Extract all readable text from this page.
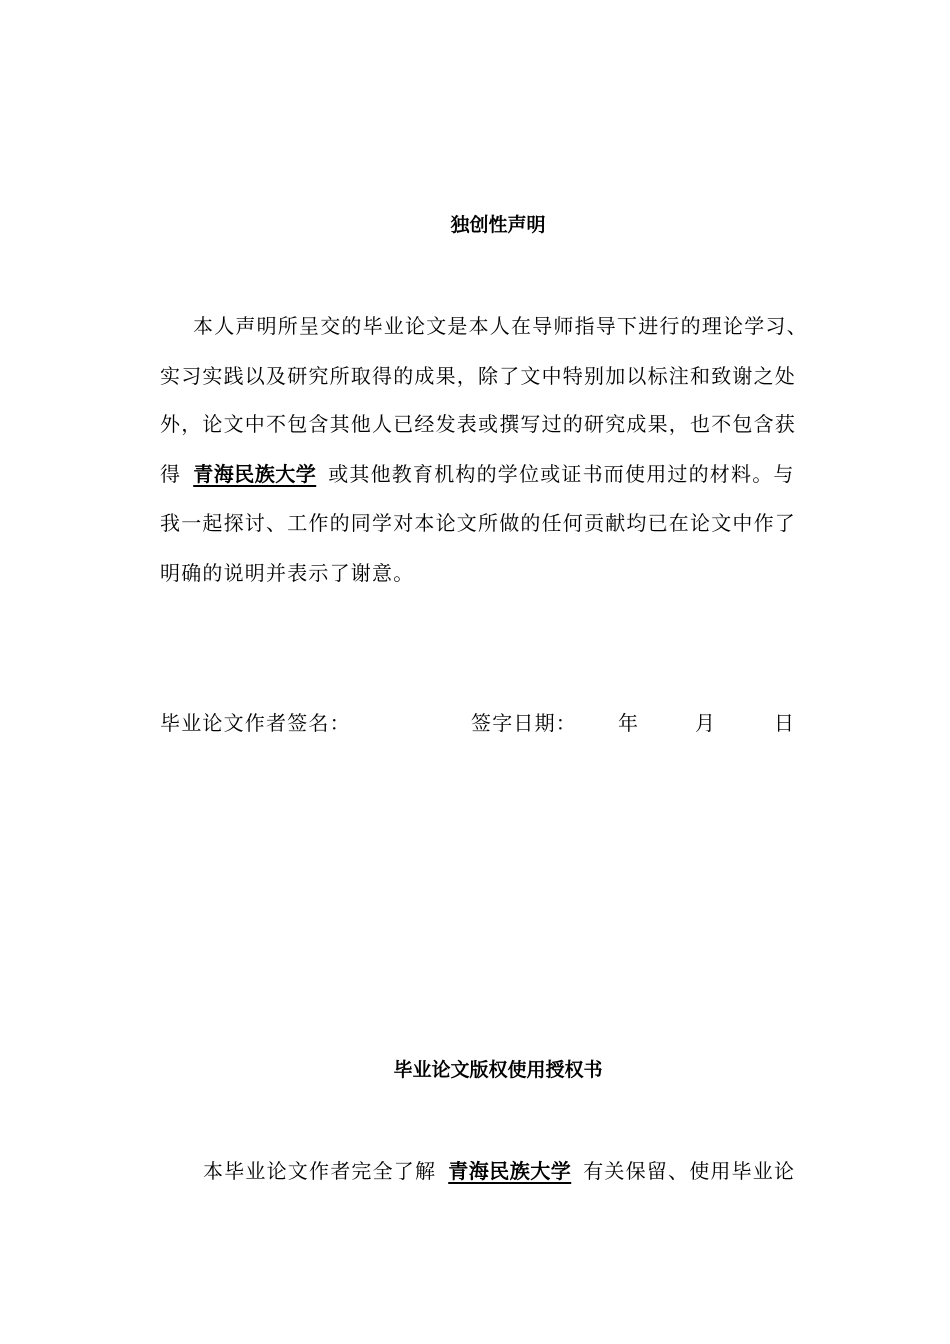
独创性声明
本人声明所呈交的毕业论文是本人在导师指导下进行的理论学习、
实习实践以及研究所取得的成果，除了文中特别加以标注和致谢之处
外，论文中不包含其他人已经发表或撰写过的研究成果，也不包含获
得 青海民族大学 或其他教育机构的学位或证书而使用过的材料。与
我一起探讨、工作的同学对本论文所做的任何贡献均已在论文中作了
明确的说明并表示了谢意。
毕业论文作者签名：	签字日期： 年	月	日
毕业论文版权使用授权书
本毕业论文作者完全了解 青海民族大学 有关保留、使用毕业论
